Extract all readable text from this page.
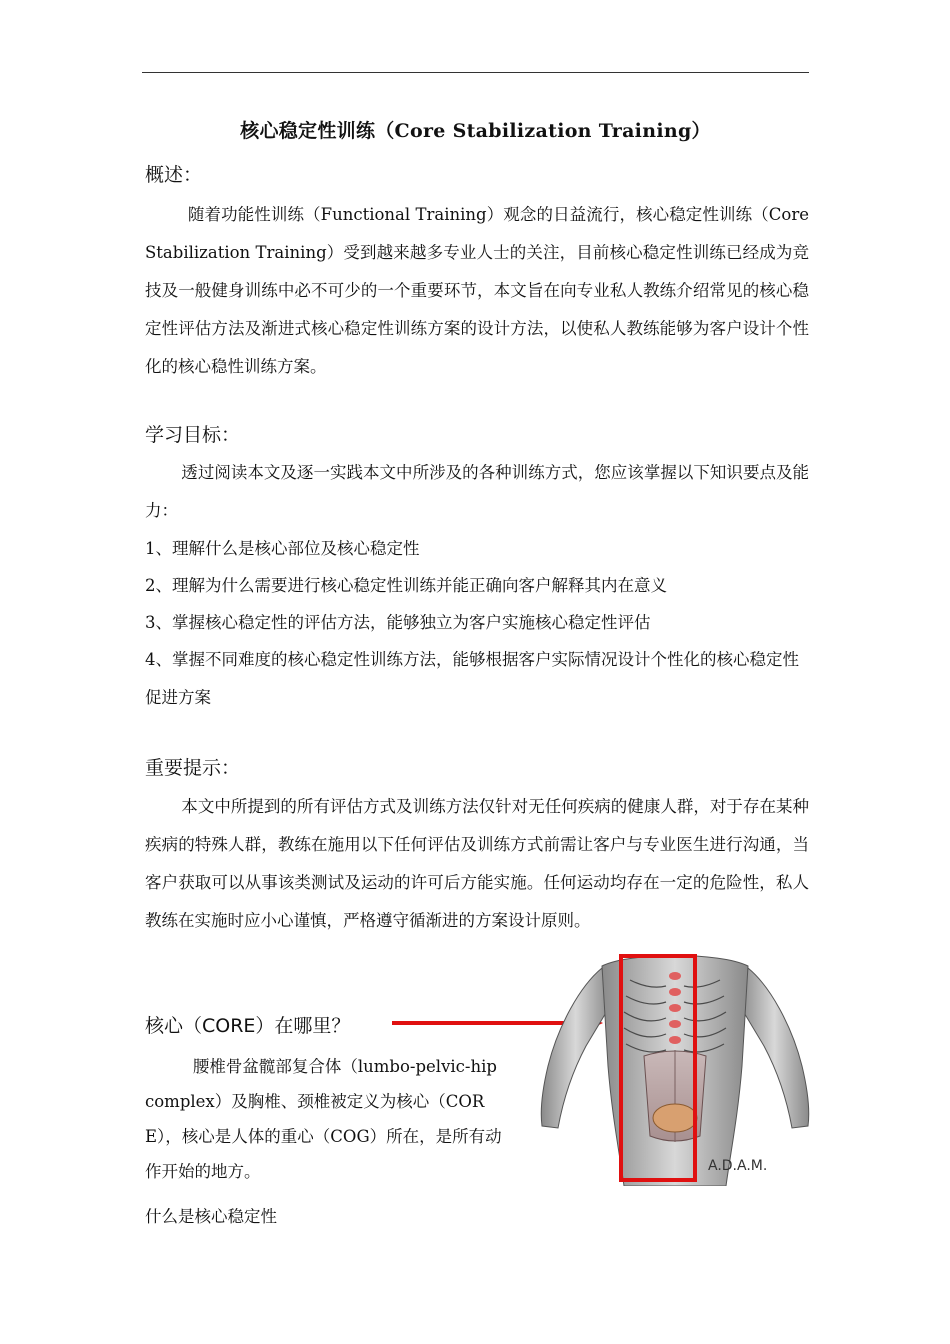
核心稳定性训练（Core Stabilization Training）
概述：

随着功能性训练（Functional Training）观念的日益流行，核心稳定性训练（Core Stabilization Training）受到越来越多专业人士的关注，目前核心稳定性训练已经成为竞技及一般健身训练中必不可少的一个重要环节，本文旨在向专业私人教练介绍常见的核心稳定性评估方法及渐进式核心稳定性训练方案的设计方法，以使私人教练能够为客户设计个性化的核心稳性训练方案。

学习目标：

透过阅读本文及逐一实践本文中所涉及的各种训练方式，您应该掌握以下知识要点及能力：

1、理解什么是核心部位及核心稳定性

2、理解为什么需要进行核心稳定性训练并能正确向客户解释其内在意义

3、掌握核心稳定性的评估方法，能够独立为客户实施核心稳定性评估

4、掌握不同难度的核心稳定性训练方法，能够根据客户实际情况设计个性化的核心稳定性促进方案

重要提示：

本文中所提到的所有评估方式及训练方法仅针对无任何疾病的健康人群，对于存在某种疾病的特殊人群，教练在施用以下任何评估及训练方式前需让客户与专业医生进行沟通，当客户获取可以从事该类测试及运动的许可后方能实施。任何运动均存在一定的危险性，私人教练在实施时应小心谨慎，严格遵守循渐进的方案设计原则。

核心（CORE）在哪里？

腰椎骨盆髋部复合体（lumbo-pelvic-hip complex）及胸椎、颈椎被定义为核心（CORE），核心是人体的重心（COG）所在，是所有动作开始的地方。

什么是核心稳定性

A.D.A.M.
